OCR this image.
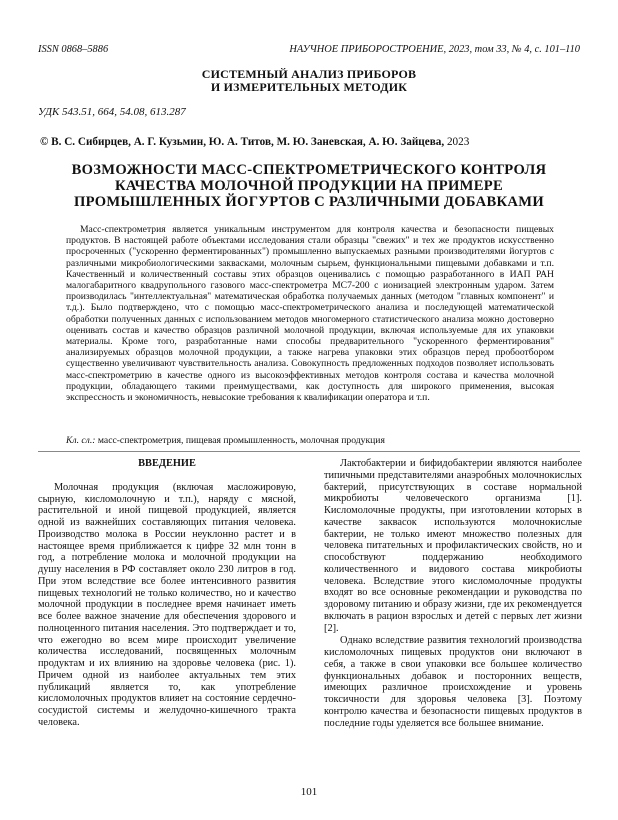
ISSN 0868–5886	НАУЧНОЕ ПРИБОРОСТРОЕНИЕ, 2023, том 33, № 4, с. 101–110
СИСТЕМНЫЙ АНАЛИЗ ПРИБОРОВ
И ИЗМЕРИТЕЛЬНЫХ МЕТОДИК
УДК 543.51, 664, 54.08, 613.287
© В. С. Сибирцев, А. Г. Кузьмин, Ю. А. Титов, М. Ю. Заневская, А. Ю. Зайцева, 2023
ВОЗМОЖНОСТИ МАСС-СПЕКТРОМЕТРИЧЕСКОГО КОНТРОЛЯ
КАЧЕСТВА МОЛОЧНОЙ ПРОДУКЦИИ НА ПРИМЕРЕ
ПРОМЫШЛЕННЫХ ЙОГУРТОВ С РАЗЛИЧНЫМИ ДОБАВКАМИ

Масс-спектрометрия является уникальным инструментом для контроля качества и безопасности пищевых продуктов. В настоящей работе объектами исследования стали образцы "свежих" и тех же продуктов искусственно просроченных ("ускоренно ферментированных") промышленно выпускаемых разными производителями йогуртов с различными микробиологическими заквасками, молочным сырьем, функциональными пищевыми добавками и т.п. Качественный и количественный составы этих образцов оценивались с помощью разработанного в ИАП РАН малогабаритного квадрупольного газового масс-спектрометра МС7-200 с ионизацией электронным ударом. Затем производилась "интеллектуальная" математическая обработка получаемых данных (методом "главных компонент" и т.д.). Было подтверждено, что с помощью масс-спектрометрического анализа и последующей математической обработки полученных данных с использованием методов многомерного статистического анализа можно достоверно оценивать состав и качество образцов различной молочной продукции, включая используемые для их упаковки материалы. Кроме того, разработанные нами способы предварительного "ускоренного ферментирования" анализируемых образцов молочной продукции, а также нагрева упаковки этих образцов перед пробоотбором существенно увеличивают чувствительность анализа. Совокупность предложенных подходов позволяет использовать масс-спектрометрию в качестве одного из высокоэффективных методов контроля состава и качества молочной продукции, обладающего такими преимуществами, как доступность для широкого применения, высокая экспрессность и экономичность, невысокие требования к квалификации оператора и т.п.

Кл. сл.: масс-спектрометрия, пищевая промышленность, молочная продукция

ВВЕДЕНИЕ

Молочная продукция (включая масложировую, сырную, кисломолочную и т.п.), наряду с мясной, растительной и иной пищевой продукцией, является одной из важнейших составляющих питания человека. Производство молока в России неуклонно растет и в настоящее время приближается к цифре 32 млн тонн в год, а потребление молока и молочной продукции на душу населения в РФ составляет около 230 литров в год. При этом вследствие все более интенсивного развития пищевых технологий не только количество, но и качество молочной продукции в последнее время начинает иметь все более важное значение для обеспечения здорового и полноценного питания населения. Это подтверждает и то, что ежегодно во всем мире происходит увеличение количества исследований, посвященных молочным продуктам и их влиянию на здоровье человека (рис. 1). Причем одной из наиболее актуальных тем этих публикаций является то, как употребление кисломолочных продуктов влияет на состояние сердечно-сосудистой системы и желудочно-кишечного тракта человека.

Лактобактерии и бифидобактерии являются наиболее типичными представителями анаэробных молочнокислых бактерий, присутствующих в составе нормальной микробиоты человеческого организма [1]. Кисломолочные продукты, при изготовлении которых в качестве заквасок используются молочнокислые бактерии, не только имеют множество полезных для человека питательных и профилактических свойств, но и способствуют поддержанию необходимого количественного и видового состава микробиоты человека. Вследствие этого кисломолочные продукты входят во все основные рекомендации и руководства по здоровому питанию и образу жизни, где их рекомендуется включать в рацион взрослых и детей с первых лет жизни [2].

Однако вследствие развития технологий производства кисломолочных пищевых продуктов они включают в себя, а также в свои упаковки все большее количество функциональных добавок и посторонних веществ, имеющих различное происхождение и уровень токсичности для здоровья человека [3]. Поэтому контролю качества и безопасности пищевых продуктов в последние годы уделяется все большее внимание.

101
